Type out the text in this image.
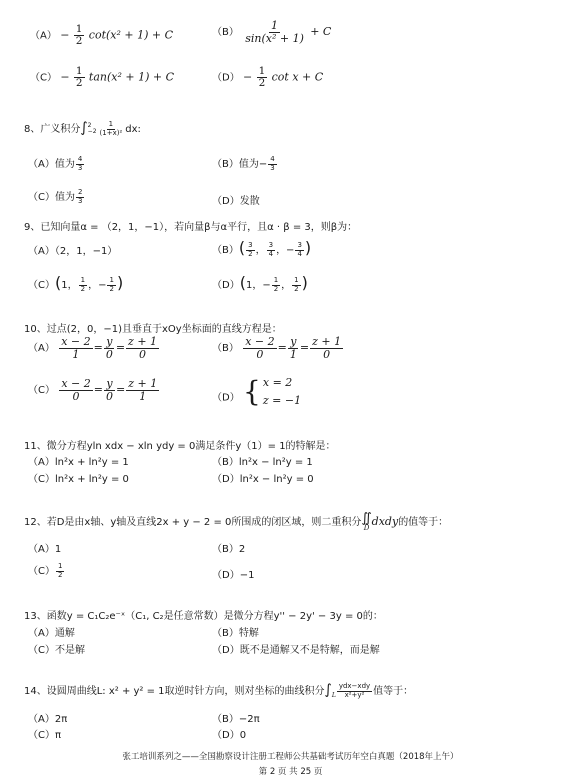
$(A) - \frac{1}{2} \cot(x^2 + 1) + C$	$(B) \frac{1}{\text{sin(x² + 1)}} + C$
$(C) - \frac{1}{2} \tan(x^2 + 1) + C$	$(D) - \frac{1}{2}$ cot x + C
8、广义积分∫ 2
$-2 \frac{1}{\text{(1+x)²}}$ dx:
（A）值为 $\frac{4}{3}$	（B）值为− $\frac{4}{3}$
（C）值为 $\frac{2}{3}$	（D）发散
9、已知向量α = （2，1，−1），若向量β与α平行，且α · β = 3，则β为：
（A）（2，1，−1）	$(B)( \frac{3}{2}$ ， $\frac{3}{4}$ ，− $\frac{3}{4}$ )
（C）(1， $\frac{1}{2}$ ，− $\frac{1}{2}$ )	（D）(1，− $\frac{1}{2}$ ， $\frac{1}{2}$ )
10、过点(2，0，−1)且垂直于xOy坐标面的直线方程是：
$(A) \frac{x - 2}{1} = \frac{y}{0} = \frac{z + 1}{0}$	$(B) \frac{x - 2}{0} = \frac{y}{1} = \frac{z + 1}{0}$
$(C) \frac{x - 2}{0} = \frac{y}{0} = \frac{z + 1}{1}$	（D） { x = 2
z = −1
11、微分方程yln xdx − xln ydy = 0满足条件y（1）= 1的特解是：
（A）ln²x + ln²y = 1	（B）ln²x − ln²y = 1
（C）ln²x + ln²y = 0	（D）ln²x − ln²y = 0
12、若D是由x轴、y轴及直线2x + y − 2 = 0所围成的闭区域，则二重积分 ∬
D dxdy的值等于：
（A）1	（B）2
$(C) \frac{1}{2}$	（D）−1
13、函数y = C₁C₂e⁻ˣ（C₁, C₂是任意常数）是微分方程y'' − 2y' − 3y = 0的：
（A）通解	（B）特解
（C）不是解	（D）既不是通解又不是特解，而是解
14、设圆周曲线L: x² + y² = 1取逆时针方向，则对坐标的曲线积分$\int_L \frac{\text{ydx−xdy}}{\text{x²+y²}}$ 值等于：
（A）2π	（B）−2π
（C）π	（D）0
张工培训系列之——全国勘察设计注册工程师公共基础考试历年空白真题（2018年上午）
第 2 页 共 25 页
